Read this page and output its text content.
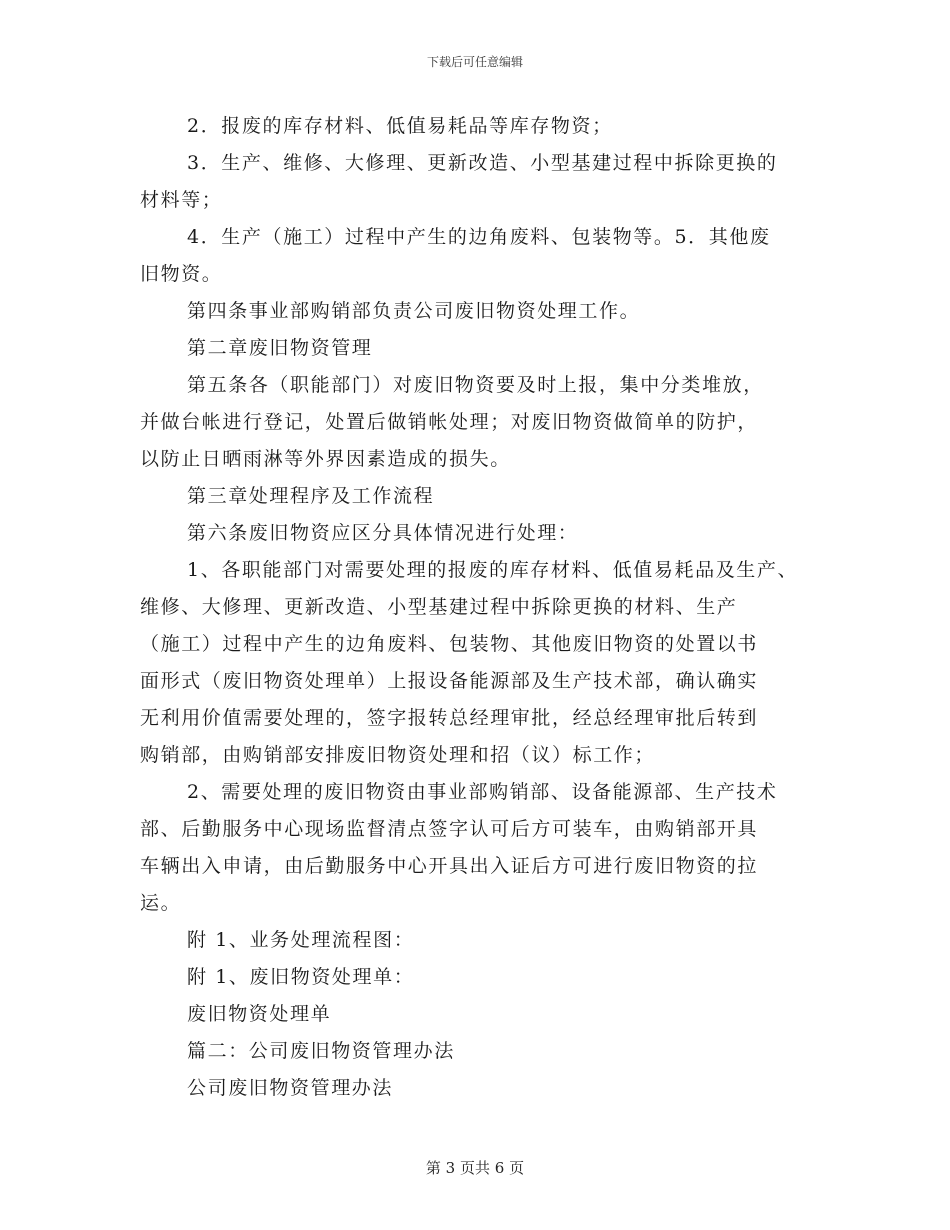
下载后可任意编辑
2．报废的库存材料、低值易耗品等库存物资；
3．生产、维修、大修理、更新改造、小型基建过程中拆除更换的
材料等；
4．生产（施工）过程中产生的边角废料、包装物等。5．其他废
旧物资。
第四条事业部购销部负责公司废旧物资处理工作。
第二章废旧物资管理
第五条各（职能部门）对废旧物资要及时上报，集中分类堆放，
并做台帐进行登记，处置后做销帐处理；对废旧物资做简单的防护，
以防止日晒雨淋等外界因素造成的损失。
第三章处理程序及工作流程
第六条废旧物资应区分具体情况进行处理：
1、各职能部门对需要处理的报废的库存材料、低值易耗品及生产、
维修、大修理、更新改造、小型基建过程中拆除更换的材料、生产
（施工）过程中产生的边角废料、包装物、其他废旧物资的处置以书
面形式（废旧物资处理单）上报设备能源部及生产技术部，确认确实
无利用价值需要处理的，签字报转总经理审批，经总经理审批后转到
购销部，由购销部安排废旧物资处理和招（议）标工作；
2、需要处理的废旧物资由事业部购销部、设备能源部、生产技术
部、后勤服务中心现场监督清点签字认可后方可装车，由购销部开具
车辆出入申请，由后勤服务中心开具出入证后方可进行废旧物资的拉
运。
附 1、业务处理流程图：
附 1、废旧物资处理单：
废旧物资处理单
篇二：公司废旧物资管理办法
公司废旧物资管理办法
第 3 页共 6 页
